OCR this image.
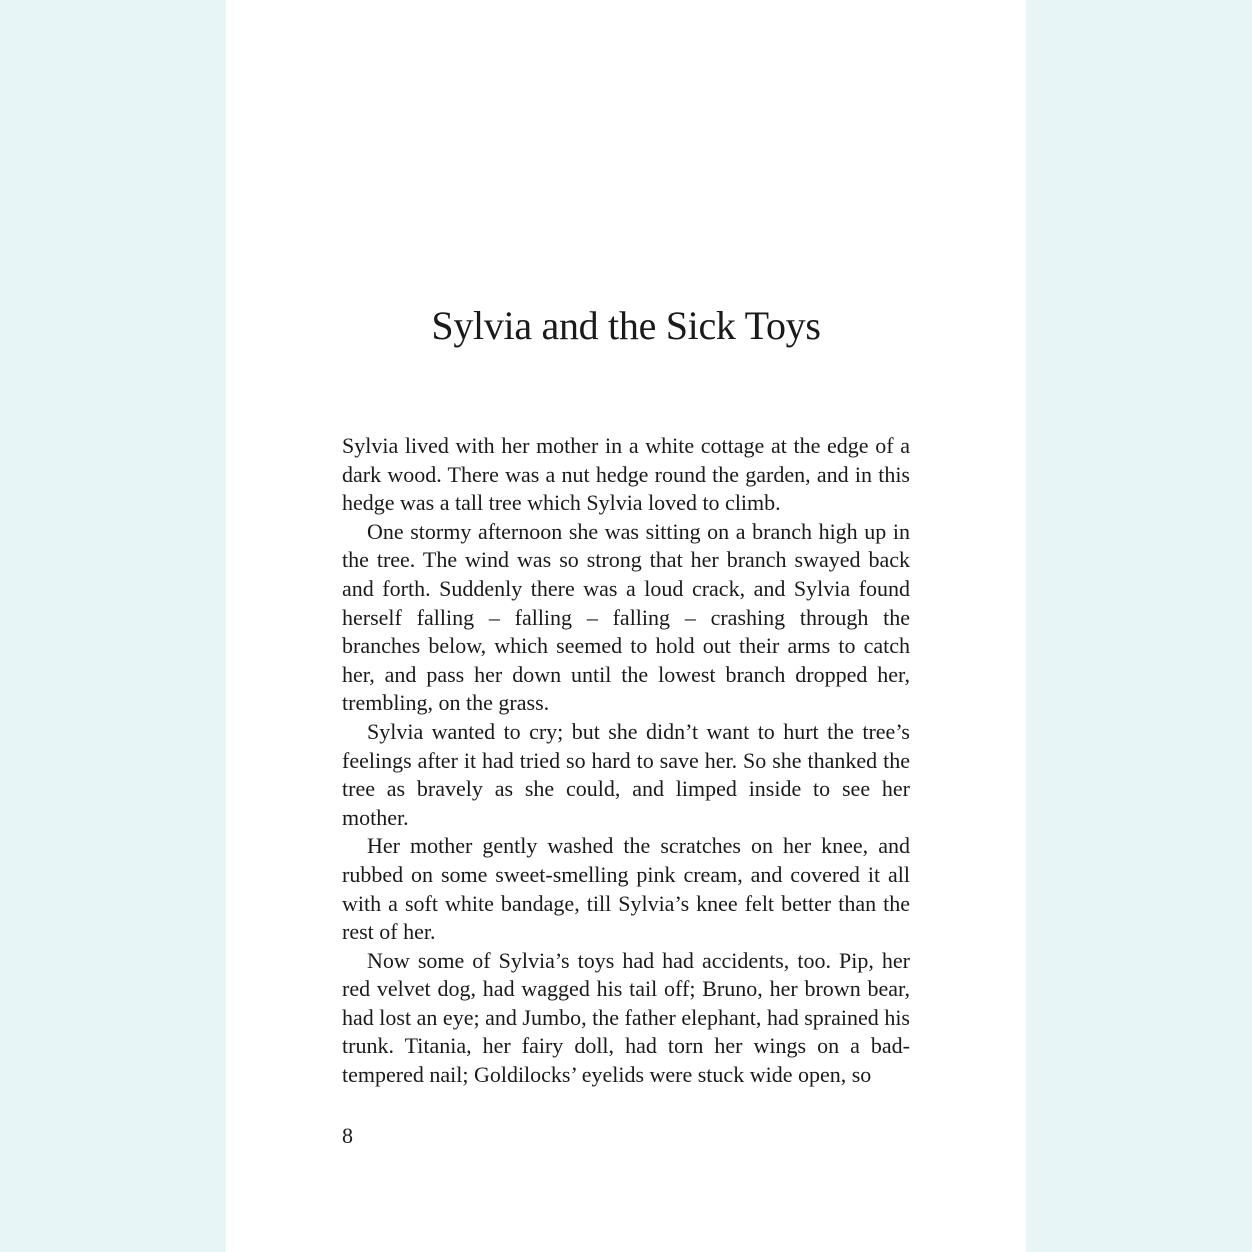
Sylvia and the Sick Toys

Sylvia lived with her mother in a white cottage at the edge of a dark wood. There was a nut hedge round the garden, and in this hedge was a tall tree which Sylvia loved to climb.

One stormy afternoon she was sitting on a branch high up in the tree. The wind was so strong that her branch swayed back and forth. Suddenly there was a loud crack, and Sylvia found herself falling – falling – falling – crashing through the branches below, which seemed to hold out their arms to catch her, and pass her down until the lowest branch dropped her, trembling, on the grass.

Sylvia wanted to cry; but she didn’t want to hurt the tree’s feelings after it had tried so hard to save her. So she thanked the tree as bravely as she could, and limped inside to see her mother.

Her mother gently washed the scratches on her knee, and rubbed on some sweet-smelling pink cream, and covered it all with a soft white bandage, till Sylvia’s knee felt better than the rest of her.

Now some of Sylvia’s toys had had accidents, too. Pip, her red velvet dog, had wagged his tail off; Bruno, her brown bear, had lost an eye; and Jumbo, the father elephant, had sprained his trunk. Titania, her fairy doll, had torn her wings on a bad-tempered nail; Goldilocks’ eyelids were stuck wide open, so

8
